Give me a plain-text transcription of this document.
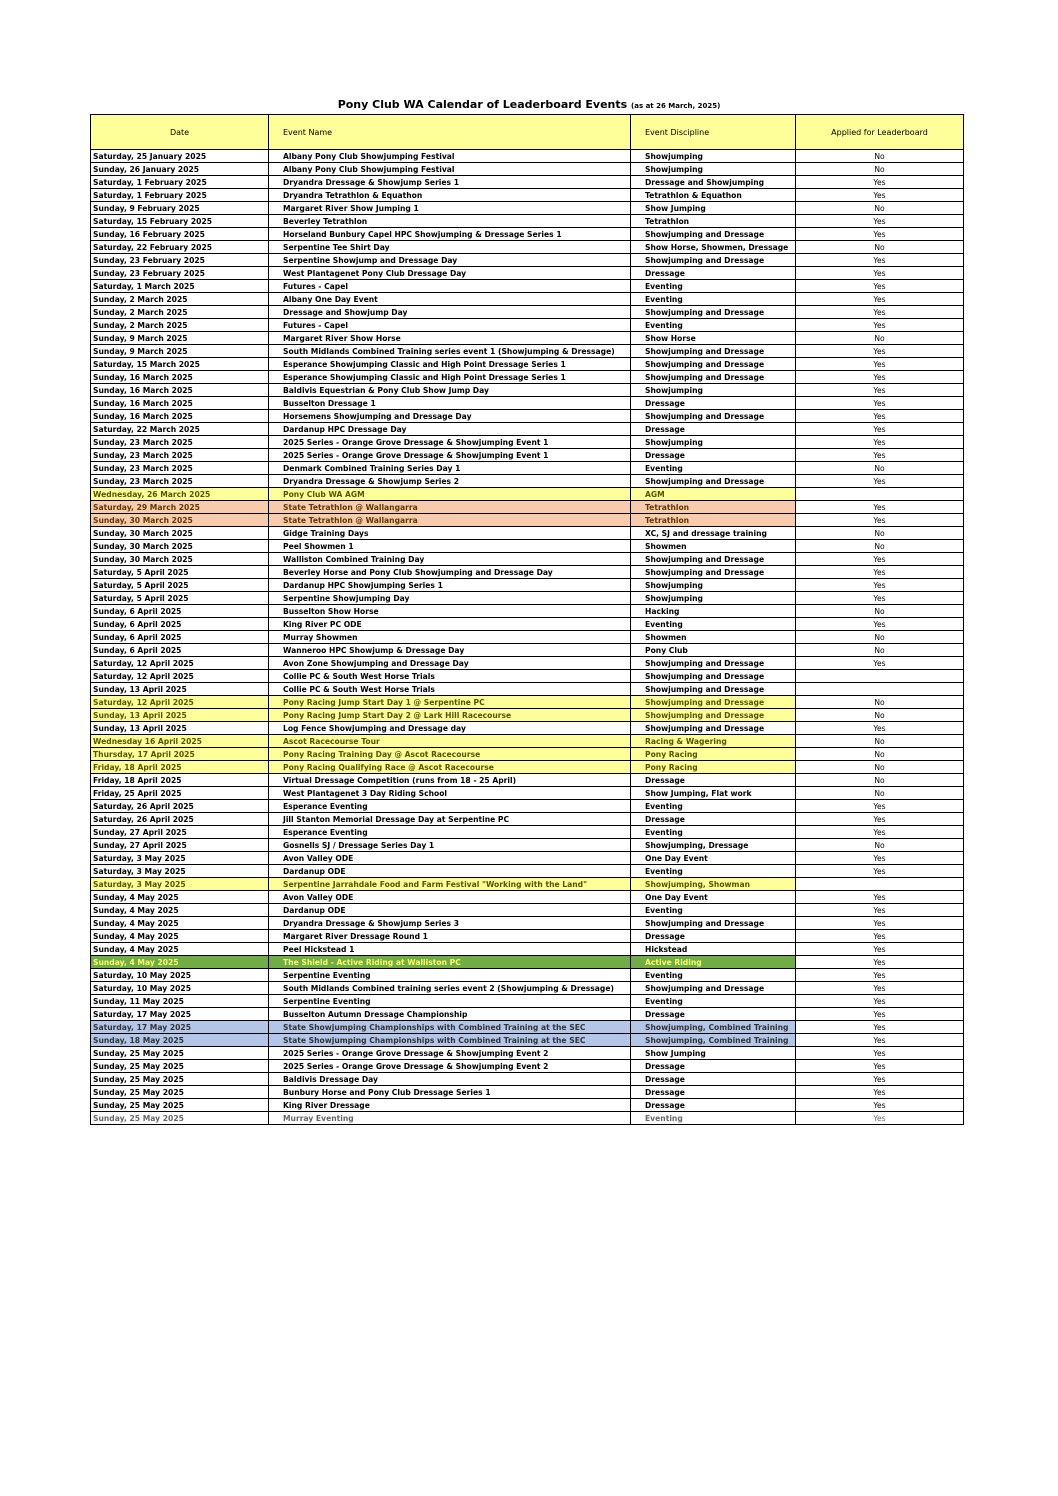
Pony Club WA Calendar of Leaderboard Events (as at 26 March, 2025)
Date	Event Name	Event Discipline	Applied for Leaderboard
Saturday, 25 January 2025	Albany Pony Club Showjumping Festival	Showjumping	No
Sunday, 26 January 2025	Albany Pony Club Showjumping Festival	Showjumping	No
Saturday, 1 February 2025	Dryandra Dressage & Showjump Series 1	Dressage and Showjumping	Yes
Saturday, 1 February 2025	Dryandra Tetrathlon & Equathon	Tetrathlon & Equathon	Yes
Sunday, 9 February 2025	Margaret River Show Jumping 1	Show Jumping	No
Saturday, 15 February 2025	Beverley Tetrathlon	Tetrathlon	Yes
Sunday, 16 February 2025	Horseland Bunbury Capel HPC Showjumping & Dressage Series 1	Showjumping and Dressage	Yes
Saturday, 22 February 2025	Serpentine Tee Shirt Day	Show Horse, Showmen, Dressage	No
Sunday, 23 February 2025	Serpentine Showjump and Dressage Day	Showjumping and Dressage	Yes
Sunday, 23 February 2025	West Plantagenet Pony Club Dressage Day	Dressage	Yes
Saturday, 1 March 2025	Futures - Capel	Eventing	Yes
Sunday, 2 March 2025	Albany One Day Event	Eventing	Yes
Sunday, 2 March 2025	Dressage and Showjump Day	Showjumping and Dressage	Yes
Sunday, 2 March 2025	Futures - Capel	Eventing	Yes
Sunday, 9 March 2025	Margaret River Show Horse	Show Horse	No
Sunday, 9 March 2025	South Midlands Combined Training series event 1 (Showjumping & Dressage)	Showjumping and Dressage	Yes
Saturday, 15 March 2025	Esperance Showjumping Classic and High Point Dressage Series 1	Showjumping and Dressage	Yes
Sunday, 16 March 2025	Esperance Showjumping Classic and High Point Dressage Series 1	Showjumping and Dressage	Yes
Sunday, 16 March 2025	Baldivis Equestrian & Pony Club Show Jump Day	Showjumping	Yes
Sunday, 16 March 2025	Busselton Dressage 1	Dressage	Yes
Sunday, 16 March 2025	Horsemens Showjumping and Dressage Day	Showjumping and Dressage	Yes
Saturday, 22 March 2025	Dardanup HPC Dressage Day	Dressage	Yes
Sunday, 23 March 2025	2025 Series - Orange Grove Dressage & Showjumping Event 1	Showjumping	Yes
Sunday, 23 March 2025	2025 Series - Orange Grove Dressage & Showjumping Event 1	Dressage	Yes
Sunday, 23 March 2025	Denmark Combined Training Series Day 1	Eventing	No
Sunday, 23 March 2025	Dryandra Dressage & Showjump Series 2	Showjumping and Dressage	Yes
Wednesday, 26 March 2025	Pony Club WA AGM	AGM	
Saturday, 29 March 2025	State Tetrathlon @ Wallangarra	Tetrathlon	Yes
Sunday, 30 March 2025	State Tetrathlon @ Wallangarra	Tetrathlon	Yes
Sunday, 30 March 2025	Gidge Training Days	XC, SJ and dressage training	No
Sunday, 30 March 2025	Peel Showmen 1	Showmen	No
Sunday, 30 March 2025	Walliston Combined Training Day	Showjumping and Dressage	Yes
Saturday, 5 April 2025	Beverley Horse and Pony Club Showjumping and Dressage Day	Showjumping and Dressage	Yes
Saturday, 5 April 2025	Dardanup HPC Showjumping Series 1	Showjumping	Yes
Saturday, 5 April 2025	Serpentine Showjumping Day	Showjumping	Yes
Sunday, 6 April 2025	Busselton Show Horse	Hacking	No
Sunday, 6 April 2025	King River PC ODE	Eventing	Yes
Sunday, 6 April 2025	Murray Showmen	Showmen	No
Sunday, 6 April 2025	Wanneroo HPC Showjump & Dressage Day	Pony Club	No
Saturday, 12 April 2025	Avon Zone Showjumping and Dressage Day	Showjumping and Dressage	Yes
Saturday, 12 April 2025	Collie PC & South West Horse Trials	Showjumping and Dressage	
Sunday, 13 April 2025	Collie PC & South West Horse Trials	Showjumping and Dressage	
Saturday, 12 April 2025	Pony Racing Jump Start Day 1 @ Serpentine PC	Showjumping and Dressage	No
Sunday, 13 April 2025	Pony Racing Jump Start Day 2 @ Lark Hill Racecourse	Showjumping and Dressage	No
Sunday, 13 April 2025	Log Fence Showjumping and Dressage day	Showjumping and Dressage	Yes
Wednesday 16 April 2025	Ascot Racecourse Tour	Racing & Wagering	No
Thursday, 17 April 2025	Pony Racing Training Day @ Ascot Racecourse	Pony Racing	No
Friday, 18 April 2025	Pony Racing Qualifying Race @ Ascot Racecourse	Pony Racing	No
Friday, 18 April 2025	Virtual Dressage Competition (runs from 18 - 25 April)	Dressage	No
Friday, 25 April 2025	West Plantagenet 3 Day Riding School	Show Jumping, Flat work	No
Saturday, 26 April 2025	Esperance Eventing	Eventing	Yes
Saturday, 26 April 2025	Jill Stanton Memorial Dressage Day at Serpentine PC	Dressage	Yes
Sunday, 27 April 2025	Esperance Eventing	Eventing	Yes
Sunday, 27 April 2025	Gosnells SJ / Dressage Series Day 1	Showjumping, Dressage	No
Saturday, 3 May 2025	Avon Valley ODE	One Day Event	Yes
Saturday, 3 May 2025	Dardanup ODE	Eventing	Yes
Saturday, 3 May 2025	Serpentine Jarrahdale Food and Farm Festival "Working with the Land"	Showjumping, Showman	
Sunday, 4 May 2025	Avon Valley ODE	One Day Event	Yes
Sunday, 4 May 2025	Dardanup ODE	Eventing	Yes
Sunday, 4 May 2025	Dryandra Dressage & Showjump Series 3	Showjumping and Dressage	Yes
Sunday, 4 May 2025	Margaret River Dressage Round 1	Dressage	Yes
Sunday, 4 May 2025	Peel Hickstead 1	Hickstead	Yes
Sunday, 4 May 2025	The Shield - Active Riding at Walliston PC	Active Riding	Yes
Saturday, 10 May 2025	Serpentine Eventing	Eventing	Yes
Saturday, 10 May 2025	South Midlands Combined training series event 2 (Showjumping & Dressage)	Showjumping and Dressage	Yes
Sunday, 11 May 2025	Serpentine Eventing	Eventing	Yes
Saturday, 17 May 2025	Busselton Autumn Dressage Championship	Dressage	Yes
Saturday, 17 May 2025	State Showjumping Championships with Combined Training at the SEC	Showjumping, Combined Training	Yes
Sunday, 18 May 2025	State Showjumping Championships with Combined Training at the SEC	Showjumping, Combined Training	Yes
Sunday, 25 May 2025	2025 Series - Orange Grove Dressage & Showjumping Event 2	Show Jumping	Yes
Sunday, 25 May 2025	2025 Series - Orange Grove Dressage & Showjumping Event 2	Dressage	Yes
Sunday, 25 May 2025	Baldivis Dressage Day	Dressage	Yes
Sunday, 25 May 2025	Bunbury Horse and Pony Club Dressage Series 1	Dressage	Yes
Sunday, 25 May 2025	King River Dressage	Dressage	Yes
Sunday, 25 May 2025	Murray Eventing	Eventing	Yes
